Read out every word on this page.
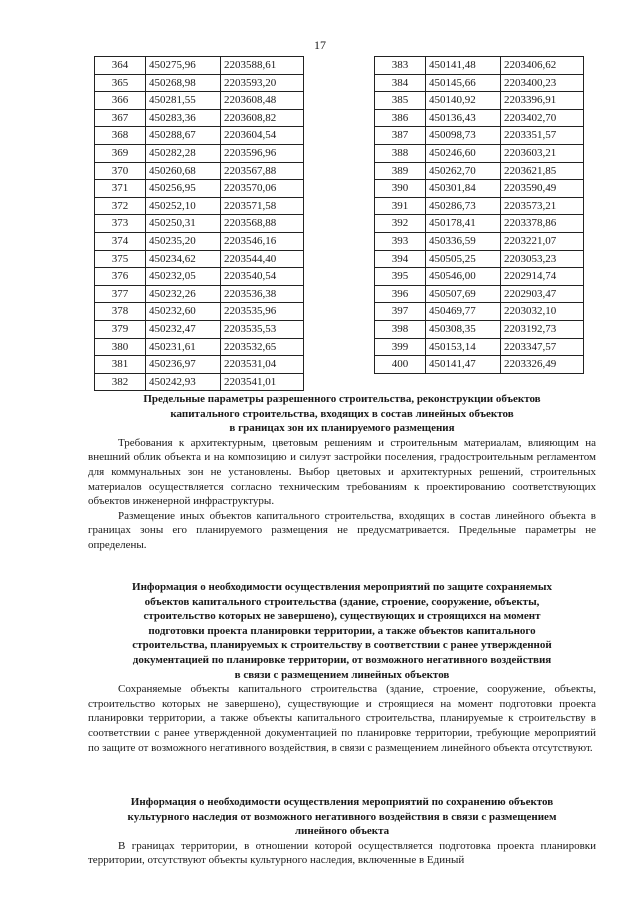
17
364	450275,96	2203588,61
365	450268,98	2203593,20
366	450281,55	2203608,48
367	450283,36	2203608,82
368	450288,67	2203604,54
369	450282,28	2203596,96
370	450260,68	2203567,88
371	450256,95	2203570,06
372	450252,10	2203571,58
373	450250,31	2203568,88
374	450235,20	2203546,16
375	450234,62	2203544,40
376	450232,05	2203540,54
377	450232,26	2203536,38
378	450232,60	2203535,96
379	450232,47	2203535,53
380	450231,61	2203532,65
381	450236,97	2203531,04
382	450242,93	2203541,01
383	450141,48	2203406,62
384	450145,66	2203400,23
385	450140,92	2203396,91
386	450136,43	2203402,70
387	450098,73	2203351,57
388	450246,60	2203603,21
389	450262,70	2203621,85
390	450301,84	2203590,49
391	450286,73	2203573,21
392	450178,41	2203378,86
393	450336,59	2203221,07
394	450505,25	2203053,23
395	450546,00	2202914,74
396	450507,69	2202903,47
397	450469,77	2203032,10
398	450308,35	2203192,73
399	450153,14	2203347,57
400	450141,47	2203326,49
Предельные параметры разрешенного строительства, реконструкции объектов
капитального строительства, входящих в состав линейных объектов
в границах зон их планируемого размещения

Требования к архитектурным, цветовым решениям и строительным материалам, влияющим на внешний облик объекта и на композицию и силуэт застройки поселения, градостроительным регламентом для коммунальных зон не установлены. Выбор цветовых и архитектурных решений, строительных материалов осуществляется согласно техническим требованиям к проектированию соответствующих объектов инженерной инфраструктуры.

Размещение иных объектов капитального строительства, входящих в состав линейного объекта в границах зоны его планируемого размещения не предусматривается. Предельные параметры не определены.

Информация о необходимости осуществления мероприятий по защите сохраняемых
объектов капитального строительства (здание, строение, сооружение, объекты,
строительство которых не завершено), существующих и строящихся на момент
подготовки проекта планировки территории, а также объектов капитального
строительства, планируемых к строительству в соответствии с ранее утвержденной
документацией по планировке территории, от возможного негативного воздействия
в связи с размещением линейных объектов

Сохраняемые объекты капитального строительства (здание, строение, сооружение, объекты, строительство которых не завершено), существующие и строящиеся на момент подготовки проекта планировки территории, а также объекты капитального строительства, планируемые к строительству в соответствии с ранее утвержденной документацией по планировке территории, требующие мероприятий по защите от возможного негативного воздействия, в связи с размещением линейного объекта отсутствуют.

Информация о необходимости осуществления мероприятий по сохранению объектов
культурного наследия от возможного негативного воздействия в связи с размещением
линейного объекта

В границах территории, в отношении которой осуществляется подготовка проекта планировки территории, отсутствуют объекты культурного наследия, включенные в Единый
